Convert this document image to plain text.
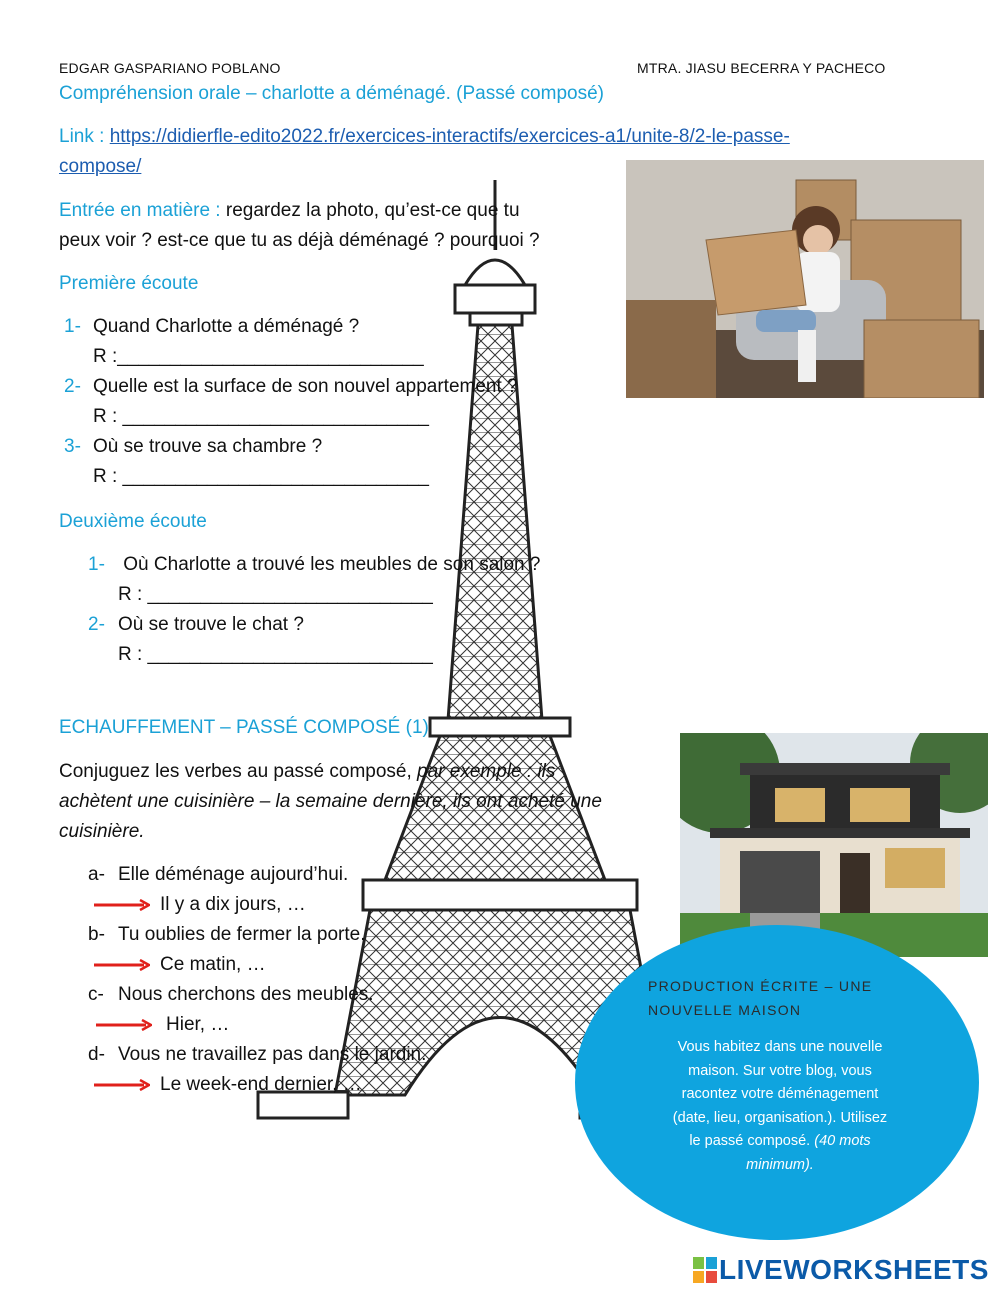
EDGAR GASPARIANO POBLANO	MTRA. JIASU BECERRA Y PACHECO
Compréhension orale – charlotte a déménagé. (Passé composé)
Link : https://didierfle-edito2022.fr/exercices-interactifs/exercices-a1/unite-8/2-le-passe-
compose/
Entrée en matière : regardez la photo, qu’est-ce que tu
peux voir ? est-ce que tu as déjà déménagé ? pourquoi ?
Première écoute
1- Quand Charlotte a déménagé ?
R :_____________________________
2- Quelle est la surface de son nouvel appartement ?
R : _____________________________
3- Où se trouve sa chambre ?
R : _____________________________
Deuxième écoute
1- Où Charlotte a trouvé les meubles de son salon ?
R : ___________________________
2- Où se trouve le chat ?
R : ___________________________
ECHAUFFEMENT – PASSÉ COMPOSÉ (1)
Conjuguez les verbes au passé composé, par exemple : ils
achètent une cuisinière – la semaine dernière, ils ont acheté une
cuisinière.
a- Elle déménage aujourd’hui.
Il y a dix jours, …
b- Tu oublies de fermer la porte.
Ce matin, …
c- Nous cherchons des meubles.
Hier, …
d- Vous ne travaillez pas dans le jardin.
Le week-end dernier, …
PRODUCTION ÉCRITE – UNE
NOUVELLE MAISON
Vous habitez dans une nouvelle
maison. Sur votre blog, vous
racontez votre déménagement
(date, lieu, organisation.). Utilisez
le passé composé. (40 mots
minimum).
LIVEWORKSHEETS
